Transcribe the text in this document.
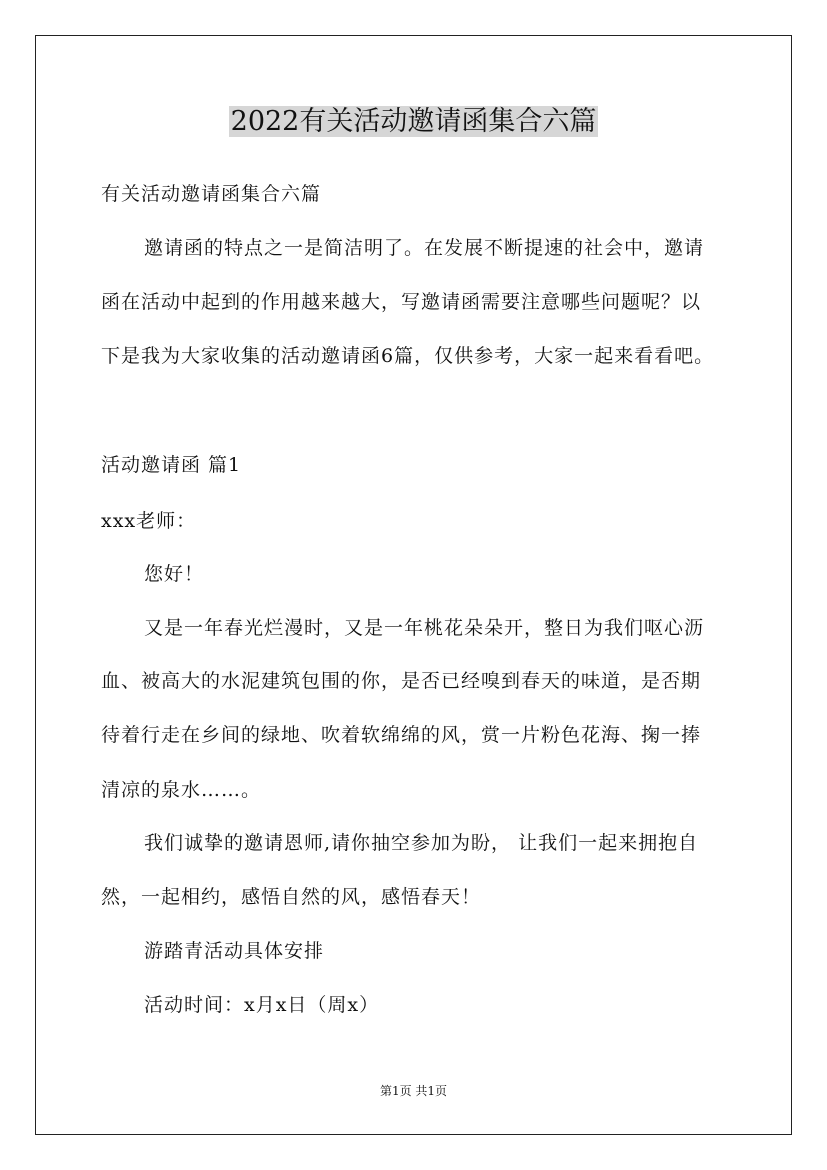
2022有关活动邀请函集合六篇
有关活动邀请函集合六篇
邀请函的特点之一是简洁明了。在发展不断提速的社会中，邀请
函在活动中起到的作用越来越大，写邀请函需要注意哪些问题呢？以
下是我为大家收集的活动邀请函6篇，仅供参考，大家一起来看看吧。
活动邀请函 篇1
xxx老师：
您好！
又是一年春光烂漫时，又是一年桃花朵朵开，整日为我们呕心沥
血、被高大的水泥建筑包围的你，是否已经嗅到春天的味道，是否期
待着行走在乡间的绿地、吹着软绵绵的风，赏一片粉色花海、掬一捧
清凉的泉水……。
我们诚挚的邀请恩师,请你抽空参加为盼， 让我们一起来拥抱自
然，一起相约，感悟自然的风，感悟春天！
游踏青活动具体安排
活动时间：x月x日（周x）
第1页 共1页
